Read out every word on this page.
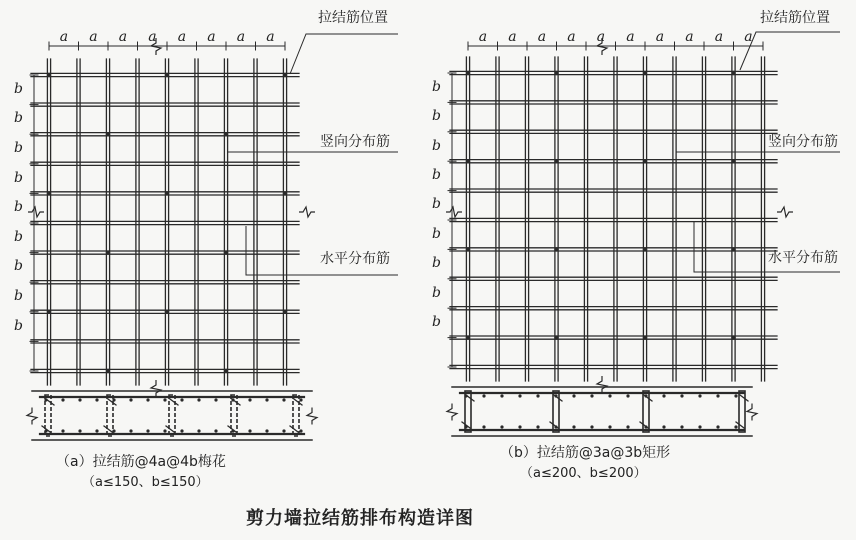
拉结筋位置
竖向分布筋
水平分布筋
（a）拉结筋@4a@4b梅花
（a≤150、b≤150）
拉结筋位置
竖向分布筋
水平分布筋
（b）拉结筋@3a@3b矩形
（a≤200、b≤200）
剪力墙拉结筋排布构造详图
a a a a a a a a
b
b
b
b
b
b
b
b
b
a a a a a a a a a a
b
b
b
b
b
b
b
b
b
